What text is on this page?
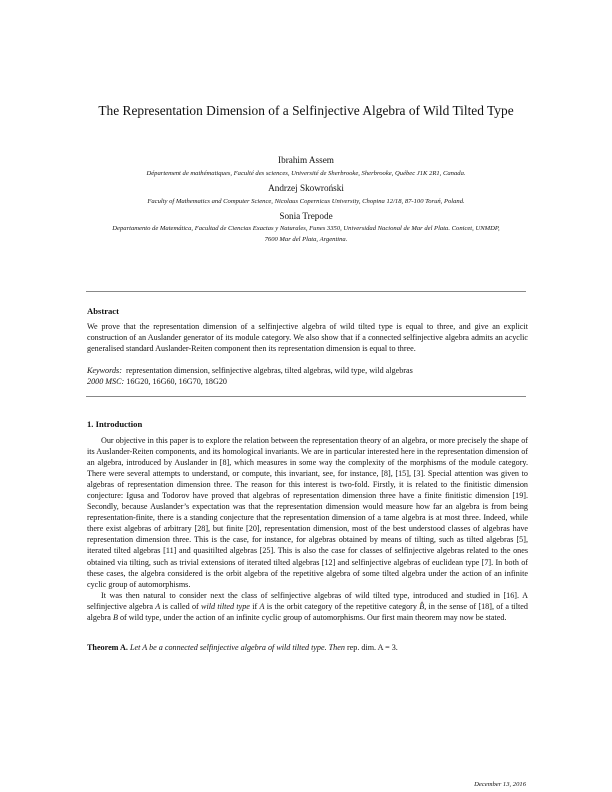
The Representation Dimension of a Selfinjective Algebra of Wild Tilted Type
Ibrahim Assem
Département de mathématiques, Faculté des sciences, Université de Sherbrooke, Sherbrooke, Québec J1K 2R1, Canada.
Andrzej Skowroński
Faculty of Mathematics and Computer Science, Nicolaus Copernicus University, Chopina 12/18, 87-100 Toruń, Poland.
Sonia Trepode
Departamento de Matemática, Facultad de Ciencias Exactas y Naturales, Funes 3350, Universidad Nacional de Mar del Plata. Conicet, UNMDP,
7600 Mar del Plata, Argentina.
Abstract

We prove that the representation dimension of a selfinjective algebra of wild tilted type is equal to three, and give an explicit construction of an Auslander generator of its module category. We also show that if a connected selfinjective algebra admits an acyclic generalised standard Auslander-Reiten component then its representation dimension is equal to three.

Keywords: representation dimension, selfinjective algebras, tilted algebras, wild type, wild algebras
2000 MSC: 16G20, 16G60, 16G70, 18G20
1. Introduction

Our objective in this paper is to explore the relation between the representation theory of an algebra, or more precisely the shape of its Auslander-Reiten components, and its homological invariants. We are in particular interested here in the representation dimension of an algebra, introduced by Auslander in [8], which measures in some way the complexity of the morphisms of the module category. There were several attempts to understand, or compute, this invariant, see, for instance, [8], [15], [3]. Special attention was given to algebras of representation dimension three. The reason for this interest is two-fold. Firstly, it is related to the finitistic dimension conjecture: Igusa and Todorov have proved that algebras of representation dimension three have a finite finitistic dimension [19]. Secondly, because Auslander’s expectation was that the representation dimension would measure how far an algebra is from being representation-finite, there is a standing conjecture that the representation dimension of a tame algebra is at most three. Indeed, while there exist algebras of arbitrary [28], but finite [20], representation dimension, most of the best understood classes of algebras have representation dimension three. This is the case, for instance, for algebras obtained by means of tilting, such as tilted algebras [5], iterated tilted algebras [11] and quasitilted algebras [25]. This is also the case for classes of selfinjective algebras related to the ones obtained via tilting, such as trivial extensions of iterated tilted algebras [12] and selfinjective algebras of euclidean type [7]. In both of these cases, the algebra considered is the orbit algebra of the repetitive algebra of some tilted algebra under the action of an infinite cyclic group of automorphisms.

It was then natural to consider next the class of selfinjective algebras of wild tilted type, introduced and studied in [16]. A selfinjective algebra A is called of wild tilted type if A is the orbit category of the repetitive category B̂, in the sense of [18], of a tilted algebra B of wild type, under the action of an infinite cyclic group of automorphisms. Our first main theorem may now be stated.

Theorem A. Let A be a connected selfinjective algebra of wild tilted type. Then rep. dim. A = 3.
December 13, 2016
